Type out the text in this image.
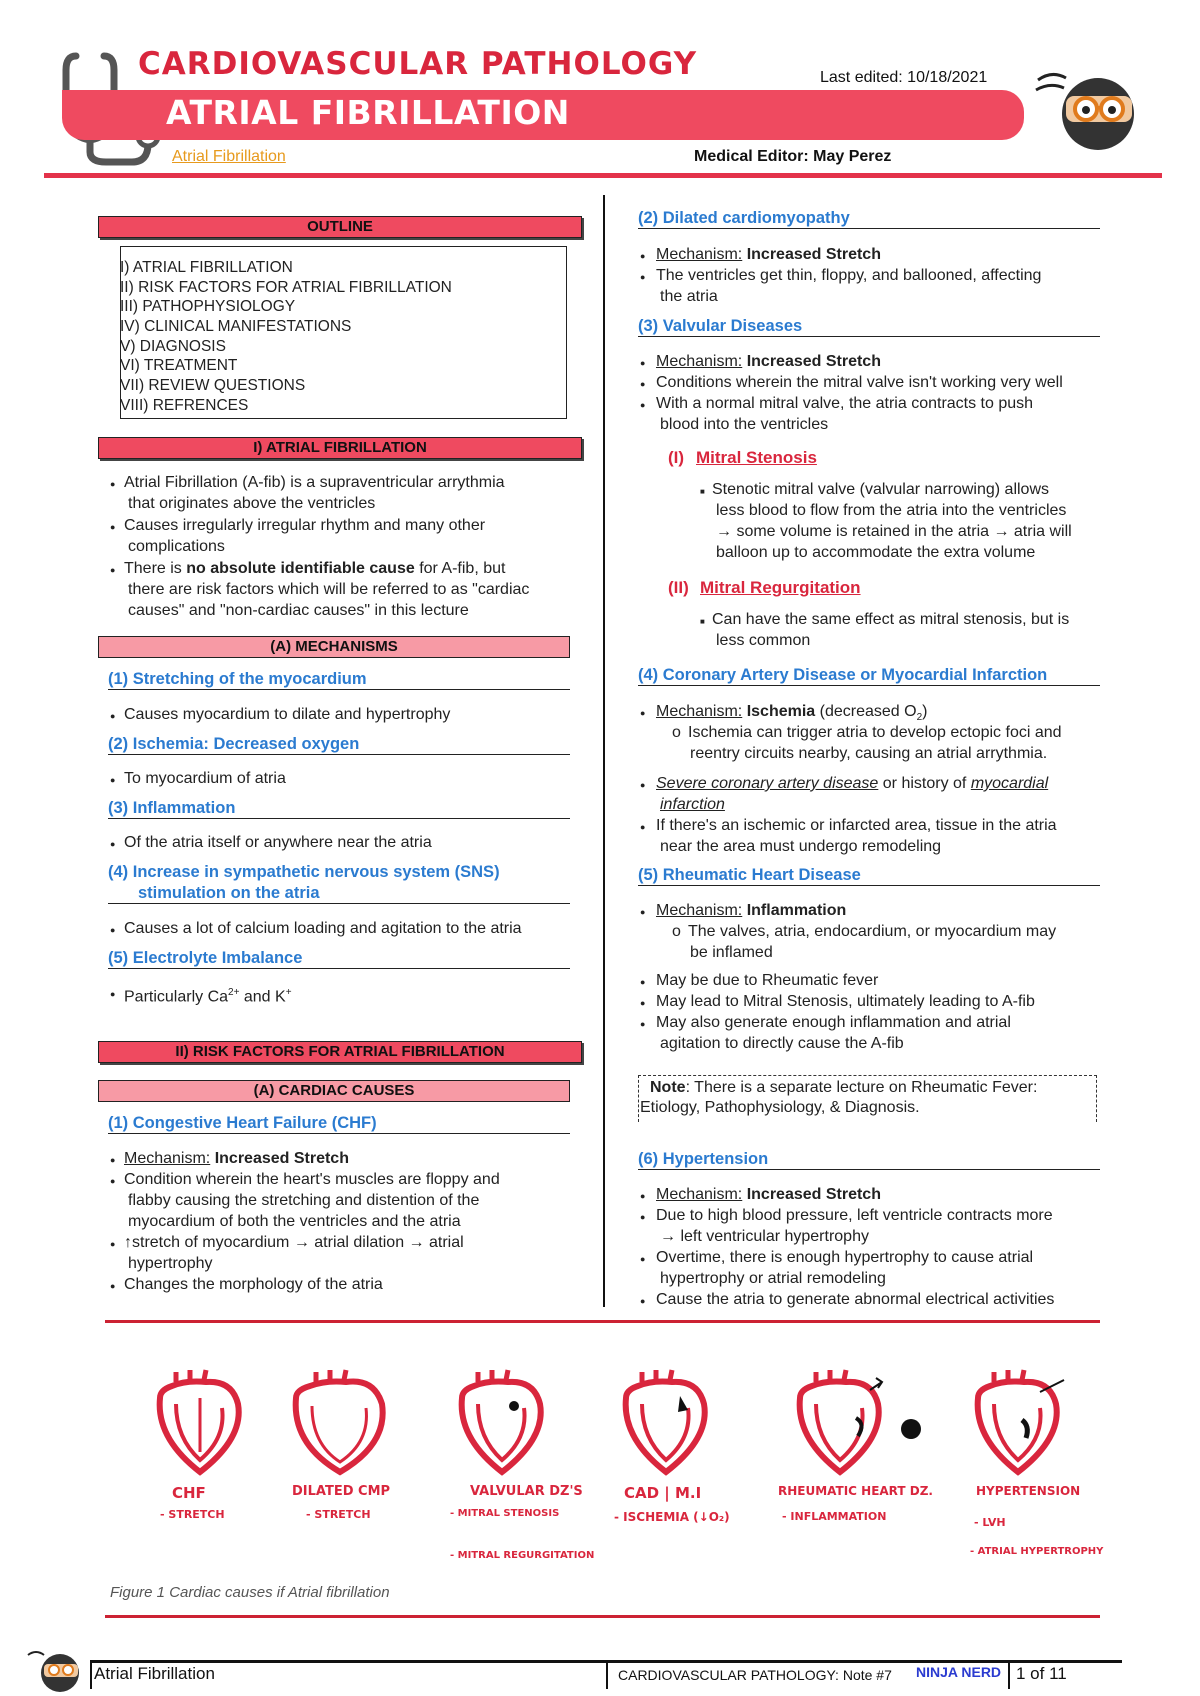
CARDIOVASCULAR PATHOLOGY
ATRIAL FIBRILLATION
Last edited: 10/18/2021
Atrial Fibrillation	Medical Editor: May Perez
OUTLINE
I) ATRIAL FIBRILLATION
II) RISK FACTORS FOR ATRIAL FIBRILLATION
III) PATHOPHYSIOLOGY
IV) CLINICAL MANIFESTATIONS
V) DIAGNOSIS
VI) TREATMENT
VII) REVIEW QUESTIONS
VIII) REFRENCES
I) ATRIAL FIBRILLATION
● Atrial Fibrillation (A-fib) is a supraventricular arrythmia
that originates above the ventricles
● Causes irregularly irregular rhythm and many other
complications
● There is no absolute identifiable cause for A-fib, but
there are risk factors which will be referred to as "cardiac
causes" and "non-cardiac causes" in this lecture
(A) MECHANISMS
(1) Stretching of the myocardium
● Causes myocardium to dilate and hypertrophy
(2) Ischemia: Decreased oxygen
● To myocardium of atria
(3) Inflammation
● Of the atria itself or anywhere near the atria
(4) Increase in sympathetic nervous system (SNS)
stimulation on the atria
● Causes a lot of calcium loading and agitation to the atria
(5) Electrolyte Imbalance
● Particularly $Ca^{2+}$ and K+
II) RISK FACTORS FOR ATRIAL FIBRILLATION
(A) CARDIAC CAUSES
(1) Congestive Heart Failure (CHF)
● Mechanism: Increased Stretch
● Condition wherein the heart's muscles are floppy and
flabby causing the stretching and distention of the
myocardium of both the ventricles and the atria
● ↑stretch of myocardium → atrial dilation → atrial
hypertrophy
● Changes the morphology of the atria
(2) Dilated cardiomyopathy
● Mechanism: Increased Stretch
● The ventricles get thin, floppy, and ballooned, affecting
the atria
(3) Valvular Diseases
● Mechanism: Increased Stretch
● Conditions wherein the mitral valve isn't working very well
● With a normal mitral valve, the atria contracts to push
blood into the ventricles
(I) Mitral Stenosis
■ Stenotic mitral valve (valvular narrowing) allows
less blood to flow from the atria into the ventricles
→ some volume is retained in the atria → atria will
balloon up to accommodate the extra volume
(II) Mitral Regurgitation
■ Can have the same effect as mitral stenosis, but is
less common
(4) Coronary Artery Disease or Myocardial Infarction
● Mechanism: Ischemia (decreased $O_2$)
o Ischemia can trigger atria to develop ectopic foci and
reentry circuits nearby, causing an atrial arrythmia.
● Severe coronary artery disease or history of myocardial
infarction
● If there's an ischemic or infarcted area, tissue in the atria
near the area must undergo remodeling
(5) Rheumatic Heart Disease
● Mechanism: Inflammation
o The valves, atria, endocardium, or myocardium may
be inflamed
● May be due to Rheumatic fever
● May lead to Mitral Stenosis, ultimately leading to A-fib
● May also generate enough inflammation and atrial
agitation to directly cause the A-fib
Note: There is a separate lecture on Rheumatic Fever:
Etiology, Pathophysiology, & Diagnosis.
(6) Hypertension
● Mechanism: Increased Stretch
● Due to high blood pressure, left ventricle contracts more
→ left ventricular hypertrophy
● Overtime, there is enough hypertrophy to cause atrial
hypertrophy or atrial remodeling
● Cause the atria to generate abnormal electrical activities
CHF
- STRETCH
DILATED CMP
- STRETCH
VALVULAR DZ'S
- MITRAL STENOSIS
- MITRAL REGURGITATION
CAD | M.I
- ISCHEMIA (↓O₂)
RHEUMATIC HEART DZ.
- INFLAMMATION
HYPERTENSION
- LVH
- ATRIAL HYPERTROPHY
Figure 1 Cardiac causes if Atrial fibrillation
Atrial Fibrillation	CARDIOVASCULAR PATHOLOGY: Note #7 NINJA NERD 1 of 11
